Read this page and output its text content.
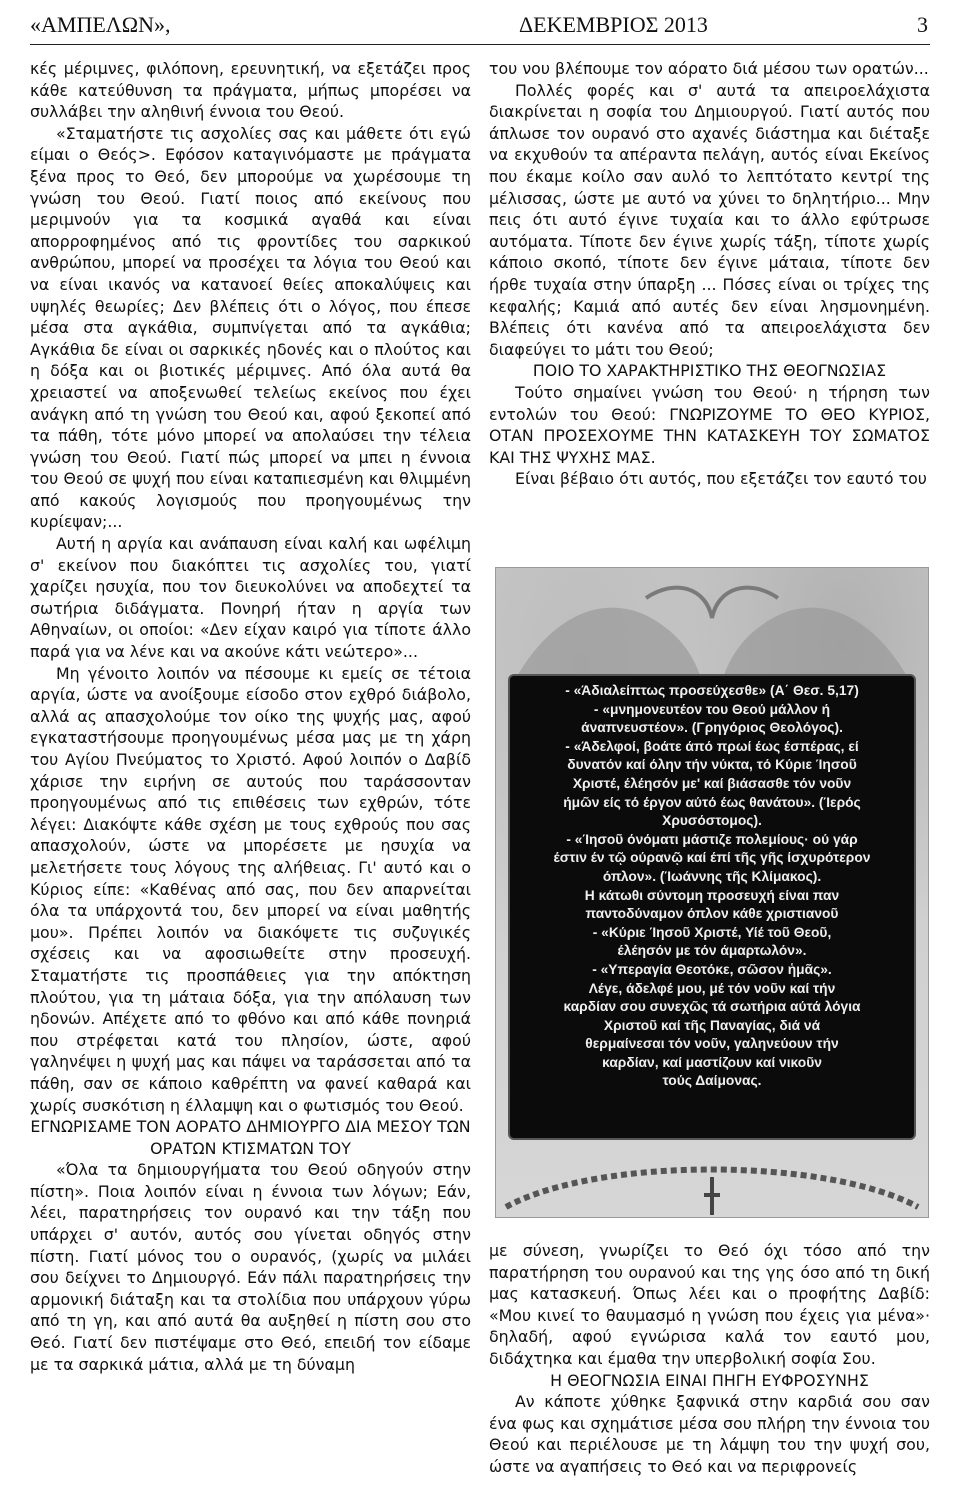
«ΑΜΠΕΛΩΝ»,	ΔΕΚΕΜΒΡΙΟΣ 2013	3

κές μέριμνες, φιλόπονη, ερευνητική, να εξετάζει προς κάθε κατεύθυνση τα πράγματα, μήπως μπορέσει να συλλάβει την αληθινή έννοια του Θεού.

«Σταματήστε τις ασχολίες σας και μάθετε ότι εγώ είμαι ο Θεός>. Εφόσον καταγινόμαστε με πράγματα ξένα προς το Θεό, δεν μπορούμε να χωρέσουμε τη γνώση του Θεού. Γιατί ποιος από εκείνους που μεριμνούν για τα κοσμικά αγαθά και είναι απορροφημένος από τις φροντίδες του σαρκικού ανθρώπου, μπορεί να προσέχει τα λόγια του Θεού και να είναι ικανός να κατανοεί θείες αποκαλύψεις και υψηλές θεωρίες; Δεν βλέπεις ότι ο λόγος, που έπεσε μέσα στα αγκάθια, συμπνίγεται από τα αγκάθια; Αγκάθια δε είναι οι σαρκικές ηδονές και ο πλούτος και η δόξα και οι βιοτικές μέριμνες. Από όλα αυτά θα χρειαστεί να αποξενωθεί τελείως εκείνος που έχει ανάγκη από τη γνώση του Θεού και, αφού ξεκοπεί από τα πάθη, τότε μόνο μπορεί να απολαύσει την τέλεια γνώση του Θεού. Γιατί πώς μπορεί να μπει η έννοια του Θεού σε ψυχή που είναι καταπιεσμένη και θλιμμένη από κακούς λογισμούς που προηγουμένως την κυρίεψαν;...

Αυτή η αργία και ανάπαυση είναι καλή και ωφέλιμη σ' εκείνον που διακόπτει τις ασχολίες του, γιατί χαρίζει ησυχία, που τον διευκολύνει να αποδεχτεί τα σωτήρια διδάγματα. Πονηρή ήταν η αργία των Αθηναίων, οι οποίοι: «Δεν είχαν καιρό για τίποτε άλλο παρά για να λένε και να ακούνε κάτι νεώτερο»...

Μη γένοιτο λοιπόν να πέσουμε κι εμείς σε τέτοια αργία, ώστε να ανοίξουμε είσοδο στον εχθρό διάβολο, αλλά ας απασχολούμε τον οίκο της ψυχής μας, αφού εγκαταστήσουμε προηγουμένως μέσα μας με τη χάρη του Αγίου Πνεύματος το Χριστό. Αφού λοιπόν ο Δαβίδ χάρισε την ειρήνη σε αυτούς που ταράσσονταν προηγουμένως από τις επιθέσεις των εχθρών, τότε λέγει: Διακόψτε κάθε σχέση με τους εχθρούς που σας απασχολούν, ώστε να μπορέσετε με ησυχία να μελετήσετε τους λόγους της αλήθειας. Γι' αυτό και ο Κύριος είπε: «Καθένας από σας, που δεν απαρνείται όλα τα υπάρχοντά του, δεν μπορεί να είναι μαθητής μου». Πρέπει λοιπόν να διακόψετε τις συζυγικές σχέσεις και να αφοσιωθείτε στην προσευχή. Σταματήστε τις προσπάθειες για την απόκτηση πλούτου, για τη μάταια δόξα, για την απόλαυση των ηδονών. Απέχετε από το φθόνο και από κάθε πονηριά που στρέφεται κατά του πλησίον, ώστε, αφού γαληνέψει η ψυχή μας και πάψει να ταράσσεται από τα πάθη, σαν σε κάποιο καθρέπτη να φανεί καθαρά και χωρίς συσκότιση η έλλαμψη και ο φωτισμός του Θεού.

ΕΓΝΩΡΙΣΑΜΕ ΤΟΝ ΑΟΡΑΤΟ ΔΗΜΙΟΥΡΓΟ ΔΙΑ ΜΕΣΟΥ ΤΩΝ ΟΡΑΤΩΝ ΚΤΙΣΜΑΤΩΝ ΤΟΥ

«Όλα τα δημιουργήματα του Θεού οδηγούν στην πίστη». Ποια λοιπόν είναι η έννοια των λόγων; Εάν, λέει, παρατηρήσεις τον ουρανό και την τάξη που υπάρχει σ' αυτόν, αυτός σου γίνεται οδηγός στην πίστη. Γιατί μόνος του ο ουρανός, (χωρίς να μιλάει σου δείχνει το Δημιουργό. Εάν πάλι παρατηρήσεις την αρμονική διάταξη και τα στολίδια που υπάρχουν γύρω από τη γη, και από αυτά θα αυξηθεί η πίστη σου στο Θεό. Γιατί δεν πιστέψαμε στο Θεό, επειδή τον είδαμε με τα σαρκικά μάτια, αλλά με τη δύναμη

του νου βλέπουμε τον αόρατο διά μέσου των ορατών...

Πολλές φορές και σ' αυτά τα απειροελάχιστα διακρίνεται η σοφία του Δημιουργού. Γιατί αυτός που άπλωσε τον ουρανό στο αχανές διάστημα και διέταξε να εκχυθούν τα απέραντα πελάγη, αυτός είναι Εκείνος που έκαμε κοίλο σαν αυλό το λεπτότατο κεντρί της μέλισσας, ώστε με αυτό να χύνει το δηλητήριο... Μην πεις ότι αυτό έγινε τυχαία και το άλλο εφύτρωσε αυτόματα. Τίποτε δεν έγινε χωρίς τάξη, τίποτε χωρίς κάποιο σκοπό, τίποτε δεν έγινε μάταια, τίποτε δεν ήρθε τυχαία στην ύπαρξη ... Πόσες είναι οι τρίχες της κεφαλής; Καμιά από αυτές δεν είναι λησμονημένη. Βλέπεις ότι κανένα από τα απειροελάχιστα δεν διαφεύγει το μάτι του Θεού;

ΠΟΙΟ ΤΟ ΧΑΡΑΚΤΗΡΙΣΤΙΚΟ ΤΗΣ ΘΕΟΓΝΩΣΙΑΣ

Τούτο σημαίνει γνώση του Θεού· η τήρηση των εντολών του Θεού: ΓΝΩΡΙΖΟΥΜΕ ΤΟ ΘΕΟ ΚΥΡΙΟΣ, ΟΤΑΝ ΠΡΟΣΕΧΟΥΜΕ ΤΗΝ ΚΑΤΑΣΚΕΥΗ ΤΟΥ ΣΩΜΑΤΟΣ ΚΑΙ ΤΗΣ ΨΥΧΗΣ ΜΑΣ.

Είναι βέβαιο ότι αυτός, που εξετάζει τον εαυτό του

- «Άδιαλείπτως προσεύχεσθε» (Α΄ Θεσ. 5,17)

- «μνημονευτέον του Θεού μάλλον ή

άναπνευστέον». (Γρηγόριος Θεολόγος).

- «Άδελφοί, βοάτε άπό πρωί έως έσπέρας, εί

δυνατόν καί όλην τήν νύκτα, τό Κύριε Ίησοῦ

Χριστέ, έλέησόν με' καί βιάσασθε τόν νοῦν

ήμῶν είς τό έργον αύτό έως θανάτου». (Ίερός

Χρυσόστομος).

- «Ίησοῦ όνόματι μάστιζε πολεμίους· ού γάρ

έστιν έν τῷ ούρανῷ καί έπί τῆς γῆς ίσχυρότερον

όπλον». (Ίωάννης τῆς Κλίμακος).

Η κάτωθι σύντομη προσευχή είναι παν

παντοδύναμον όπλον κάθε χριστιανοῦ

- «Κύριε Ίησοῦ Χριστέ, Υίέ τοῦ Θεοῦ,

έλέησόν με τόν άμαρτωλόν».

- «Υπεραγία Θεοτόκε, σῶσον ἡμᾶς».

Λέγε, άδελφέ μου, μέ τόν νοῦν καί τήν

καρδίαν σου συνεχῶς τά σωτήρια αύτά λόγια

Χριστοῦ καί τῆς Παναγίας, διά νά

θερμαίνεσαι τόν νοῦν, γαληνεύουν τήν

καρδίαν, καί μαστίζουν καί νικοῦν

τούς Δαίμονας.

με σύνεση, γνωρίζει το Θεό όχι τόσο από την παρατήρηση του ουρανού και της γης όσο από τη δική μας κατασκευή. Όπως λέει και ο προφήτης Δαβίδ: «Μου κινεί το θαυμασμό η γνώση που έχεις για μένα»· δηλαδή, αφού εγνώρισα καλά τον εαυτό μου, διδάχτηκα και έμαθα την υπερβολική σοφία Σου.

Η ΘΕΟΓΝΩΣΙΑ ΕΙΝΑΙ ΠΗΓΗ ΕΥΦΡΟΣΥΝΗΣ

Αν κάποτε χύθηκε ξαφνικά στην καρδιά σου σαν ένα φως και σχημάτισε μέσα σου πλήρη την έννοια του Θεού και περιέλουσε με τη λάμψη του την ψυχή σου, ώστε να αγαπήσεις το Θεό και να περιφρονείς
